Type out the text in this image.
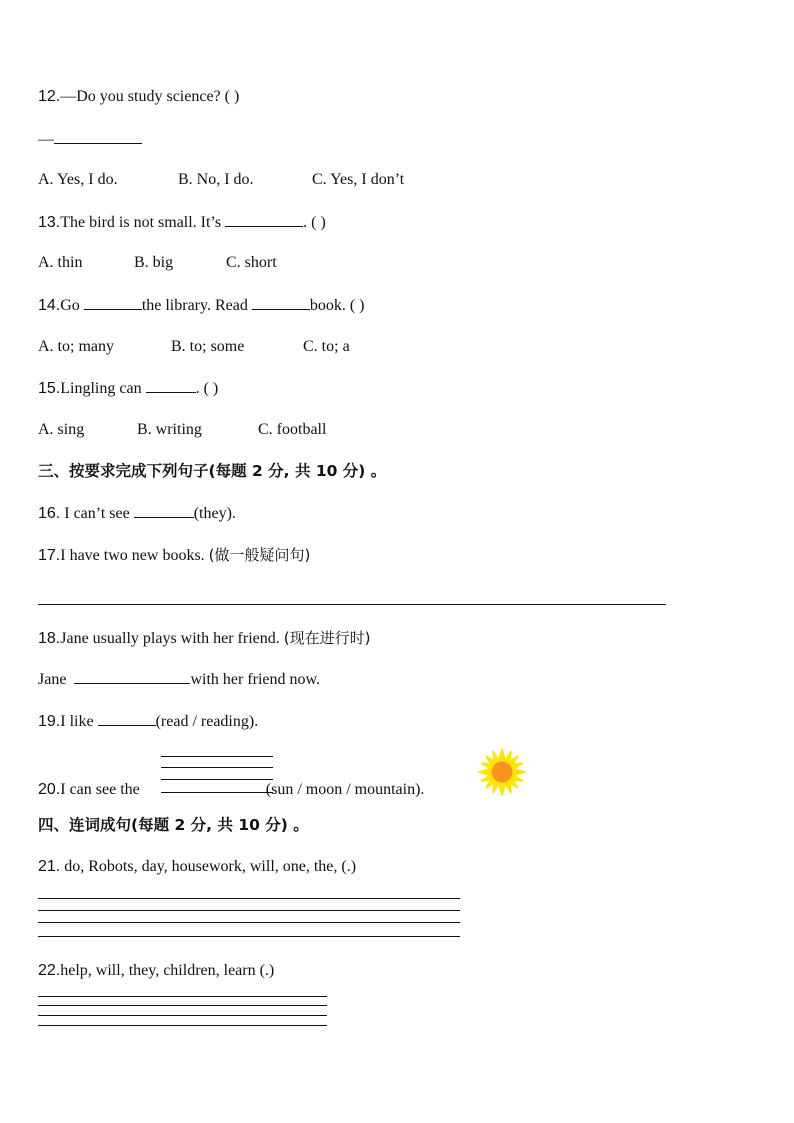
12.—Do you study science? ( )
—
A. Yes, I do.	B. No, I do.	C. Yes, I don’t
13.The bird is not small. It’s	. ( )
A. thin	B. big	C. short
14.Go	the library. Read	book. ( )
A. to; many	B. to; some	C. to; a
15.Lingling can	. ( )
A. sing	B. writing	C. football
三、按要求完成下列句子(每题 2 分, 共 10 分) 。
16. I can’t see	(they).
17.I have two new books. (做一般疑问句)
18.Jane usually plays with her friend. (现在进行时)
Jane	with her friend now.
19.I like	(read / reading).
20.I can see the	(sun / moon / mountain).
四、连词成句(每题 2 分, 共 10 分) 。
21. do, Robots, day, housework, will, one, the, (.)
22.help, will, they, children, learn (.)
